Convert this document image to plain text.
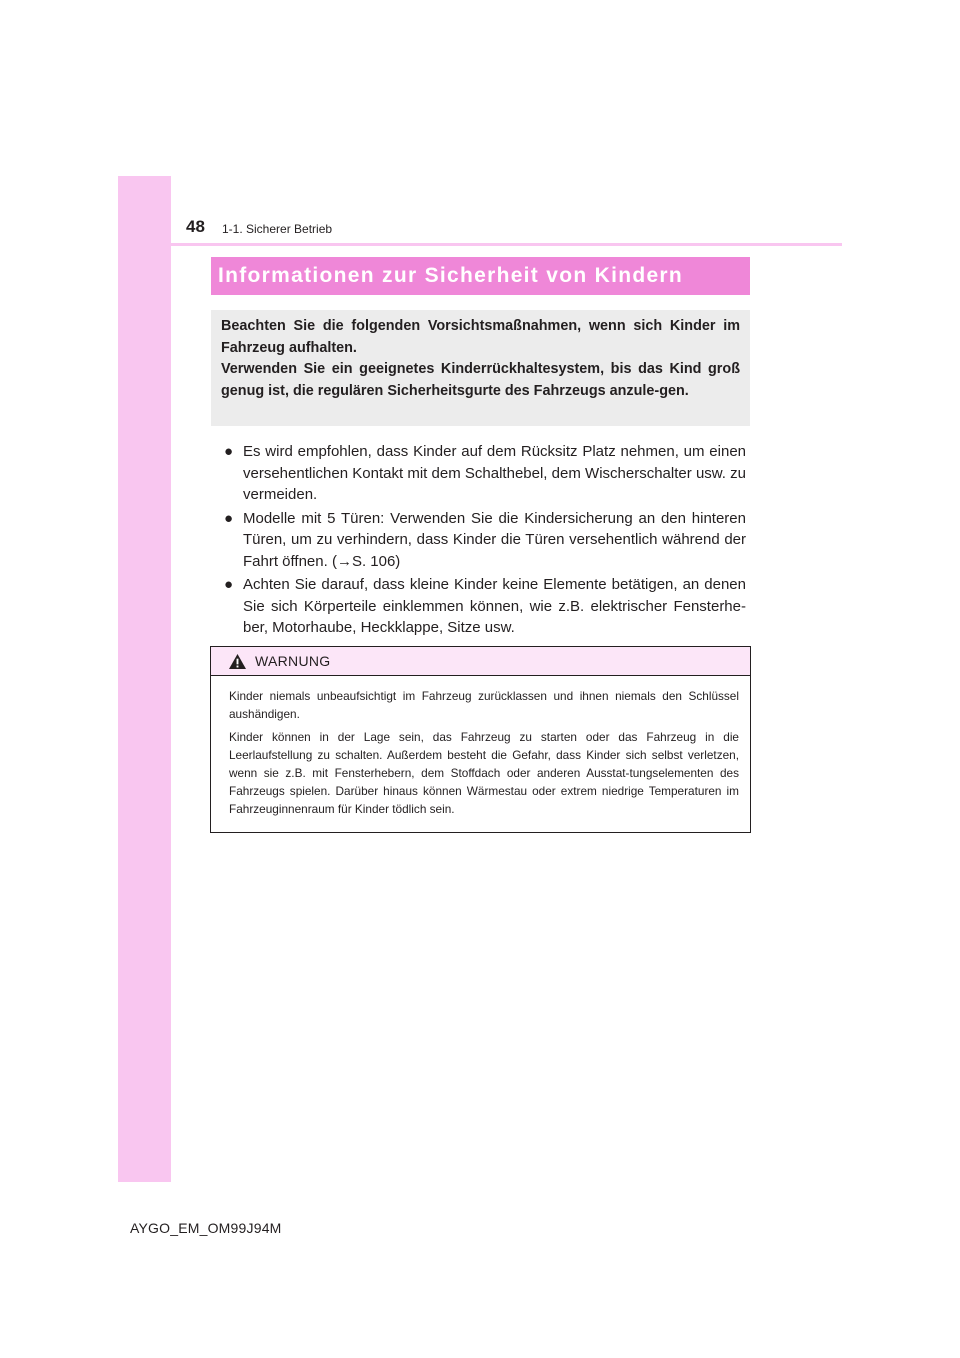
48 1-1. Sicherer Betrieb
Informationen zur Sicherheit von Kindern

Beachten Sie die folgenden Vorsichtsmaßnahmen, wenn sich Kinder im Fahrzeug aufhalten.

Verwenden Sie ein geeignetes Kinderrückhaltesystem, bis das Kind groß genug ist, die regulären Sicherheitsgurte des Fahrzeugs anzule-gen.

● Es wird empfohlen, dass Kinder auf dem Rücksitz Platz nehmen, um einen versehentlichen Kontakt mit dem Schalthebel, dem Wischerschalter usw. zu vermeiden.
● Modelle mit 5 Türen: Verwenden Sie die Kindersicherung an den hinteren Türen, um zu verhindern, dass Kinder die Türen versehentlich während der Fahrt öffnen. (→S. 106)
● Achten Sie darauf, dass kleine Kinder keine Elemente betätigen, an denen Sie sich Körperteile einklemmen können, wie z.B. elektrischer Fensterhe-ber, Motorhaube, Heckklappe, Sitze usw.
WARNUNG

Kinder niemals unbeaufsichtigt im Fahrzeug zurücklassen und ihnen niemals den Schlüssel aushändigen.

Kinder können in der Lage sein, das Fahrzeug zu starten oder das Fahrzeug in die Leerlaufstellung zu schalten. Außerdem besteht die Gefahr, dass Kinder sich selbst verletzen, wenn sie z.B. mit Fensterhebern, dem Stoffdach oder anderen Ausstat-tungselementen des Fahrzeugs spielen. Darüber hinaus können Wärmestau oder extrem niedrige Temperaturen im Fahrzeuginnenraum für Kinder tödlich sein.

AYGO_EM_OM99J94M
